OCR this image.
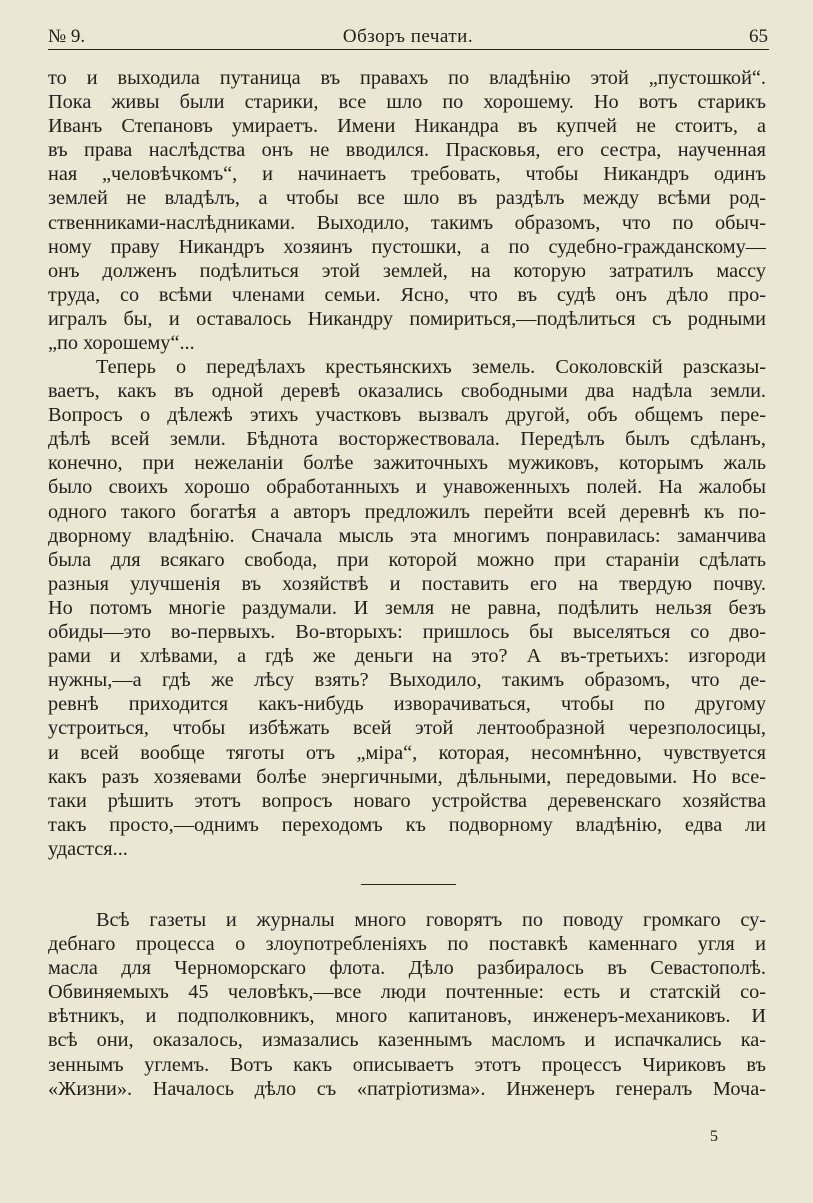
№ 9.	Обзоръ печати.	65
то и выходила путаница въ правахъ по владѣнію этой „пустошкой“.
Пока живы были старики, все шло по хорошему. Но вотъ старикъ
Иванъ Степановъ умираетъ. Имени Никандра въ купчей не стоитъ, а
въ права наслѣдства онъ не вводился. Прасковья, его сестра, наученная
ная „человѣчкомъ“, и начинаетъ требовать, чтобы Никандръ одинъ
землей не владѣлъ, а чтобы все шло въ раздѣлъ между всѣми род-
ственниками-наслѣдниками. Выходило, такимъ образомъ, что по обыч-
ному праву Никандръ хозяинъ пустошки, а по судебно-гражданскому—
онъ долженъ подѣлиться этой землей, на которую затратилъ массу
труда, со всѣми членами семьи. Ясно, что въ судѣ онъ дѣло про-
игралъ бы, и оставалось Никандру помириться,—подѣлиться съ родными
„по хорошему“...
Теперь о передѣлахъ крестьянскихъ земель. Соколовскій разсказы-
ваетъ, какъ въ одной деревѣ оказались свободными два надѣла земли.
Вопросъ о дѣлежѣ этихъ участковъ вызвалъ другой, объ общемъ пере-
дѣлѣ всей земли. Бѣднота восторжествовала. Передѣлъ былъ сдѣланъ,
конечно, при нежеланіи болѣе зажиточныхъ мужиковъ, которымъ жаль
было своихъ хорошо обработанныхъ и унавоженныхъ полей. На жалобы
одного такого богатѣя а авторъ предложилъ перейти всей деревнѣ къ по-
дворному владѣнію. Сначала мысль эта многимъ понравилась: заманчива
была для всякаго свобода, при которой можно при стараніи сдѣлать
разныя улучшенія въ хозяйствѣ и поставить его на твердую почву.
Но потомъ многіе раздумали. И земля не равна, подѣлить нельзя безъ
обиды—это во-первыхъ. Во-вторыхъ: пришлось бы выселяться со дво-
рами и хлѣвами, а гдѣ же деньги на это? А въ-третьихъ: изгороди
нужны,—а гдѣ же лѣсу взять? Выходило, такимъ образомъ, что де-
ревнѣ приходится какъ-нибудь изворачиваться, чтобы по другому
устроиться, чтобы избѣжать всей этой лентообразной черезполосицы,
и всей вообще тяготы отъ „міра“, которая, несомнѣнно, чувствуется
какъ разъ хозяевами болѣе энергичными, дѣльными, передовыми. Но все-
таки рѣшить этотъ вопросъ новаго устройства деревенскаго хозяйства
такъ просто,—однимъ переходомъ къ подворному владѣнію, едва ли
удастся...
Всѣ газеты и журналы много говорятъ по поводу громкаго су-
дебнаго процесса о злоупотребленіяхъ по поставкѣ каменнаго угля и
масла для Черноморскаго флота. Дѣло разбиралось въ Севастополѣ.
Обвиняемыхъ 45 человѣкъ,—все люди почтенные: есть и статскій со-
вѣтникъ, и подполковникъ, много капитановъ, инженеръ-механиковъ. И
всѣ они, оказалось, измазались казеннымъ масломъ и испачкались ка-
зеннымъ углемъ. Вотъ какъ описываетъ этотъ процессъ Чириковъ въ
«Жизни». Началось дѣло съ «патріотизма». Инженеръ генералъ Моча-
5
